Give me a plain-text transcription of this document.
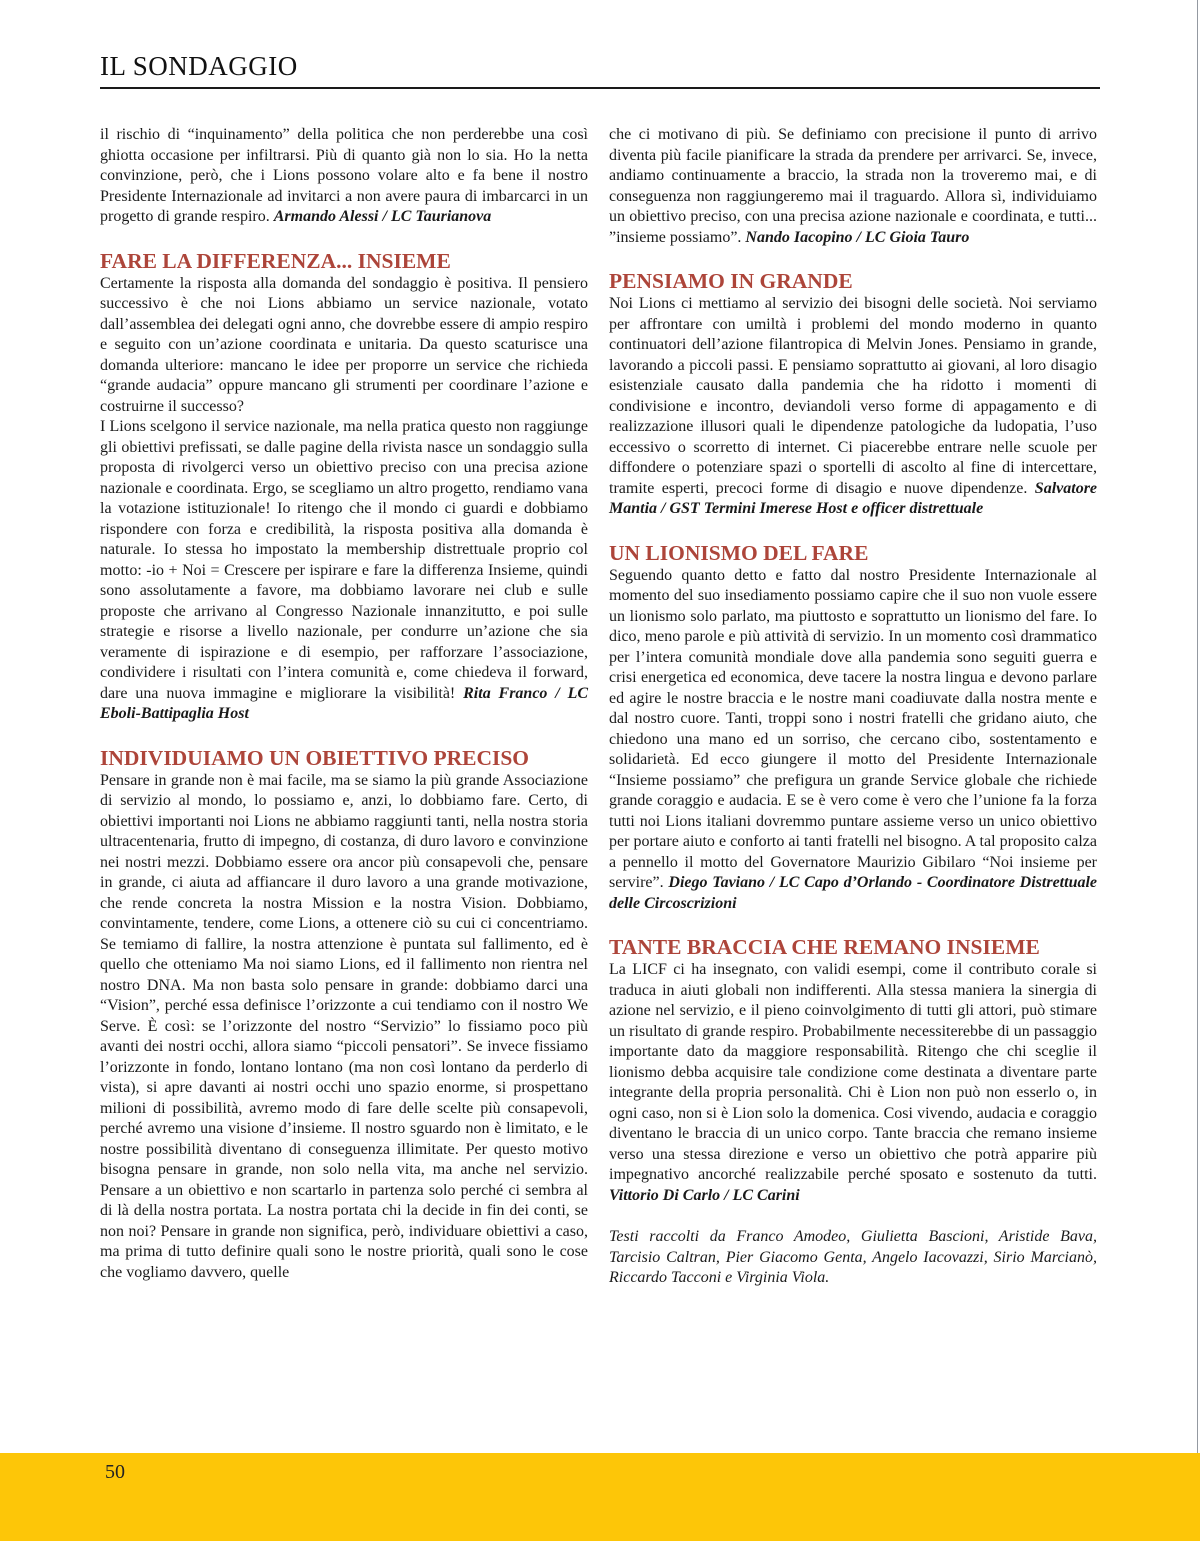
IL SONDAGGIO

il rischio di “inquinamento” della politica che non perderebbe una così ghiotta occasione per infiltrarsi. Più di quanto già non lo sia. Ho la netta convinzione, però, che i Lions possono volare alto e fa bene il nostro Presidente Internazionale ad invitarci a non avere paura di imbarcarci in un progetto di grande respiro. Armando Alessi / LC Taurianova

FARE LA DIFFERENZA... INSIEME

Certamente la risposta alla domanda del sondaggio è positiva. Il pensiero successivo è che noi Lions abbiamo un service nazionale, votato dall’assemblea dei delegati ogni anno, che dovrebbe essere di ampio respiro e seguito con un’azione coordinata e unitaria. Da questo scaturisce una domanda ulteriore: mancano le idee per proporre un service che richieda “grande audacia” oppure mancano gli strumenti per coordinare l’azione e costruirne il successo?

I Lions scelgono il service nazionale, ma nella pratica questo non raggiunge gli obiettivi prefissati, se dalle pagine della rivista nasce un sondaggio sulla proposta di rivolgerci verso un obiettivo preciso con una precisa azione nazionale e coordinata. Ergo, se scegliamo un altro progetto, rendiamo vana la votazione istituzionale! Io ritengo che il mondo ci guardi e dobbiamo rispondere con forza e credibilità, la risposta positiva alla domanda è naturale. Io stessa ho impostato la membership distrettuale proprio col motto: -io + Noi = Crescere per ispirare e fare la differenza Insieme, quindi sono assolutamente a favore, ma dobbiamo lavorare nei club e sulle proposte che arrivano al Congresso Nazionale innanzitutto, e poi sulle strategie e risorse a livello nazionale, per condurre un’azione che sia veramente di ispirazione e di esempio, per rafforzare l’associazione, condividere i risultati con l’intera comunità e, come chiedeva il forward, dare una nuova immagine e migliorare la visibilità! Rita Franco / LC Eboli-Battipaglia Host

INDIVIDUIAMO UN OBIETTIVO PRECISO

Pensare in grande non è mai facile, ma se siamo la più grande Associazione di servizio al mondo, lo possiamo e, anzi, lo dobbiamo fare. Certo, di obiettivi importanti noi Lions ne abbiamo raggiunti tanti, nella nostra storia ultracentenaria, frutto di impegno, di costanza, di duro lavoro e convinzione nei nostri mezzi. Dobbiamo essere ora ancor più consapevoli che, pensare in grande, ci aiuta ad affiancare il duro lavoro a una grande motivazione, che rende concreta la nostra Mission e la nostra Vision. Dobbiamo, convintamente, tendere, come Lions, a ottenere ciò su cui ci concentriamo. Se temiamo di fallire, la nostra attenzione è puntata sul fallimento, ed è quello che otteniamo Ma noi siamo Lions, ed il fallimento non rientra nel nostro DNA. Ma non basta solo pensare in grande: dobbiamo darci una “Vision”, perché essa definisce l’orizzonte a cui tendiamo con il nostro We Serve. È così: se l’orizzonte del nostro “Servizio” lo fissiamo poco più avanti dei nostri occhi, allora siamo “piccoli pensatori”. Se invece fissiamo l’orizzonte in fondo, lontano lontano (ma non così lontano da perderlo di vista), si apre davanti ai nostri occhi uno spazio enorme, si prospettano milioni di possibilità, avremo modo di fare delle scelte più consapevoli, perché avremo una visione d’insieme. Il nostro sguardo non è limitato, e le nostre possibilità diventano di conseguenza illimitate. Per questo motivo bisogna pensare in grande, non solo nella vita, ma anche nel servizio. Pensare a un obiettivo e non scartarlo in partenza solo perché ci sembra al di là della nostra portata. La nostra portata chi la decide in fin dei conti, se non noi? Pensare in grande non significa, però, individuare obiettivi a caso, ma prima di tutto definire quali sono le nostre priorità, quali sono le cose che vogliamo davvero, quelle

che ci motivano di più. Se definiamo con precisione il punto di arrivo diventa più facile pianificare la strada da prendere per arrivarci. Se, invece, andiamo continuamente a braccio, la strada non la troveremo mai, e di conseguenza non raggiungeremo mai il traguardo. Allora sì, individuiamo un obiettivo preciso, con una precisa azione nazionale e coordinata, e tutti... ”insieme possiamo”. Nando Iacopino / LC Gioia Tauro

PENSIAMO IN GRANDE

Noi Lions ci mettiamo al servizio dei bisogni delle società. Noi serviamo per affrontare con umiltà i problemi del mondo moderno in quanto continuatori dell’azione filantropica di Melvin Jones. Pensiamo in grande, lavorando a piccoli passi. E pensiamo soprattutto ai giovani, al loro disagio esistenziale causato dalla pandemia che ha ridotto i momenti di condivisione e incontro, deviandoli verso forme di appagamento e di realizzazione illusori quali le dipendenze patologiche da ludopatia, l’uso eccessivo o scorretto di internet. Ci piacerebbe entrare nelle scuole per diffondere o potenziare spazi o sportelli di ascolto al fine di intercettare, tramite esperti, precoci forme di disagio e nuove dipendenze. Salvatore Mantia / GST Termini Imerese Host e officer distrettuale

UN LIONISMO DEL FARE

Seguendo quanto detto e fatto dal nostro Presidente Internazionale al momento del suo insediamento possiamo capire che il suo non vuole essere un lionismo solo parlato, ma piuttosto e soprattutto un lionismo del fare. Io dico, meno parole e più attività di servizio. In un momento così drammatico per l’intera comunità mondiale dove alla pandemia sono seguiti guerra e crisi energetica ed economica, deve tacere la nostra lingua e devono parlare ed agire le nostre braccia e le nostre mani coadiuvate dalla nostra mente e dal nostro cuore. Tanti, troppi sono i nostri fratelli che gridano aiuto, che chiedono una mano ed un sorriso, che cercano cibo, sostentamento e solidarietà. Ed ecco giungere il motto del Presidente Internazionale “Insieme possiamo” che prefigura un grande Service globale che richiede grande coraggio e audacia. E se è vero come è vero che l’unione fa la forza tutti noi Lions italiani dovremmo puntare assieme verso un unico obiettivo per portare aiuto e conforto ai tanti fratelli nel bisogno. A tal proposito calza a pennello il motto del Governatore Maurizio Gibilaro “Noi insieme per servire”. Diego Taviano / LC Capo d’Orlando - Coordinatore Distrettuale delle Circoscrizioni

TANTE BRACCIA CHE REMANO INSIEME

La LICF ci ha insegnato, con validi esempi, come il contributo corale si traduca in aiuti globali non indifferenti. Alla stessa maniera la sinergia di azione nel servizio, e il pieno coinvolgimento di tutti gli attori, può stimare un risultato di grande respiro. Probabilmente necessiterebbe di un passaggio importante dato da maggiore responsabilità. Ritengo che chi sceglie il lionismo debba acquisire tale condizione come destinata a diventare parte integrante della propria personalità. Chi è Lion non può non esserlo o, in ogni caso, non si è Lion solo la domenica. Cosi vivendo, audacia e coraggio diventano le braccia di un unico corpo. Tante braccia che remano insieme verso una stessa direzione e verso un obiettivo che potrà apparire più impegnativo ancorché realizzabile perché sposato e sostenuto da tutti. Vittorio Di Carlo / LC Carini

Testi raccolti da Franco Amodeo, Giulietta Bascioni, Aristide Bava, Tarcisio Caltran, Pier Giacomo Genta, Angelo Iacovazzi, Sirio Marcianò, Riccardo Tacconi e Virginia Viola.

50
